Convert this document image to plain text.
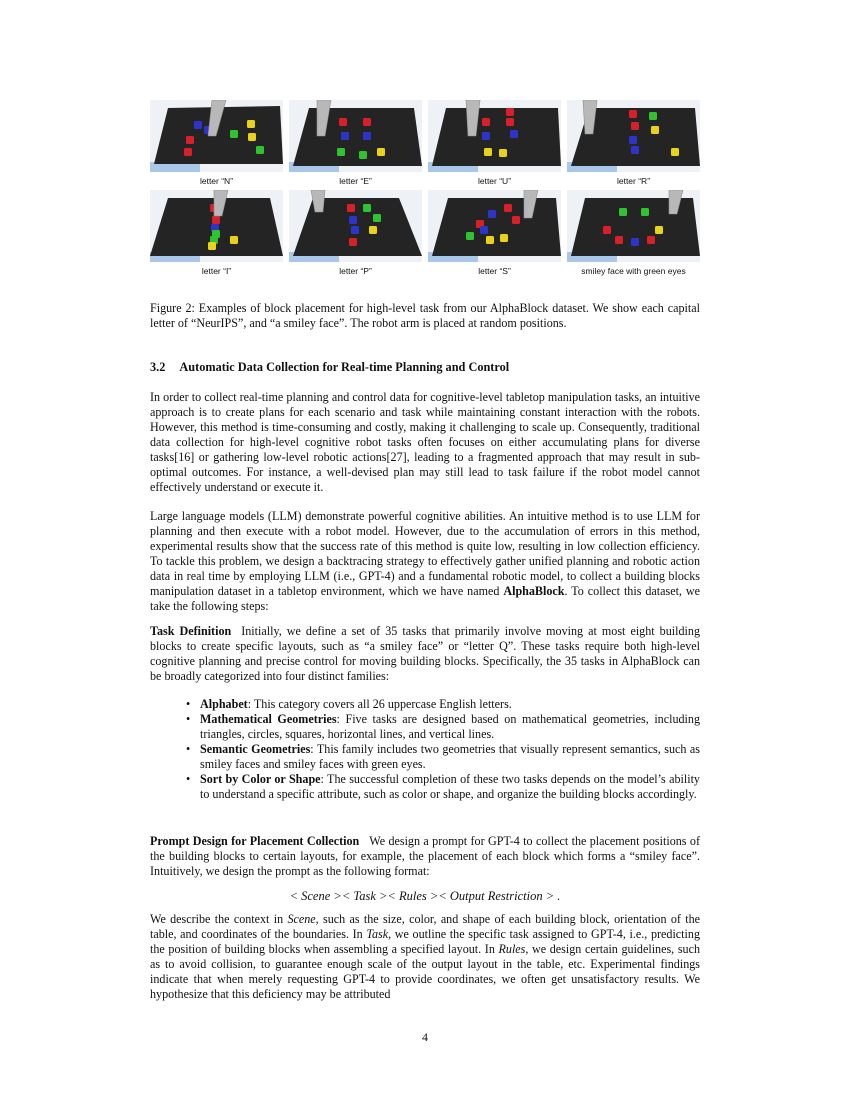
letter “N”	letter “E”	letter “U”	letter “R”
letter “I”	letter “P”	letter “S”	smiley face with green eyes
Figure 2: Examples of block placement for high-level task from our AlphaBlock dataset. We show each capital letter of “NeurIPS”, and “a smiley face”. The robot arm is placed at random positions.
3.2 Automatic Data Collection for Real-time Planning and Control
In order to collect real-time planning and control data for cognitive-level tabletop manipulation tasks, an intuitive approach is to create plans for each scenario and task while maintaining constant interaction with the robots. However, this method is time-consuming and costly, making it challenging to scale up. Consequently, traditional data collection for high-level cognitive robot tasks often focuses on either accumulating plans for diverse tasks[16] or gathering low-level robotic actions[27], leading to a fragmented approach that may result in sub-optimal outcomes. For instance, a well-devised plan may still lead to task failure if the robot model cannot effectively understand or execute it.
Large language models (LLM) demonstrate powerful cognitive abilities. An intuitive method is to use LLM for planning and then execute with a robot model. However, due to the accumulation of errors in this method, experimental results show that the success rate of this method is quite low, resulting in low collection efficiency. To tackle this problem, we design a backtracing strategy to effectively gather unified planning and robotic action data in real time by employing LLM (i.e., GPT-4) and a fundamental robotic model, to collect a building blocks manipulation dataset in a tabletop environment, which we have named AlphaBlock. To collect this dataset, we take the following steps:
Task Definition Initially, we define a set of 35 tasks that primarily involve moving at most eight building blocks to create specific layouts, such as “a smiley face” or “letter Q”. These tasks require both high-level cognitive planning and precise control for moving building blocks. Specifically, the 35 tasks in AlphaBlock can be broadly categorized into four distinct families:
• Alphabet: This category covers all 26 uppercase English letters.
• Mathematical Geometries: Five tasks are designed based on mathematical geometries, including triangles, circles, squares, horizontal lines, and vertical lines.
• Semantic Geometries: This family includes two geometries that visually represent semantics, such as smiley faces and smiley faces with green eyes.
• Sort by Color or Shape: The successful completion of these two tasks depends on the model’s ability to understand a specific attribute, such as color or shape, and organize the building blocks accordingly.
Prompt Design for Placement Collection We design a prompt for GPT-4 to collect the placement positions of the building blocks to certain layouts, for example, the placement of each block which forms a “smiley face”. Intuitively, we design the prompt as the following format:
< Scene >< Task >< Rules >< Output Restriction > .
We describe the context in Scene, such as the size, color, and shape of each building block, orientation of the table, and coordinates of the boundaries. In Task, we outline the specific task assigned to GPT-4, i.e., predicting the position of building blocks when assembling a specified layout. In Rules, we design certain guidelines, such as to avoid collision, to guarantee enough scale of the output layout in the table, etc. Experimental findings indicate that when merely requesting GPT-4 to provide coordinates, we often get unsatisfactory results. We hypothesize that this deficiency may be attributed
4
